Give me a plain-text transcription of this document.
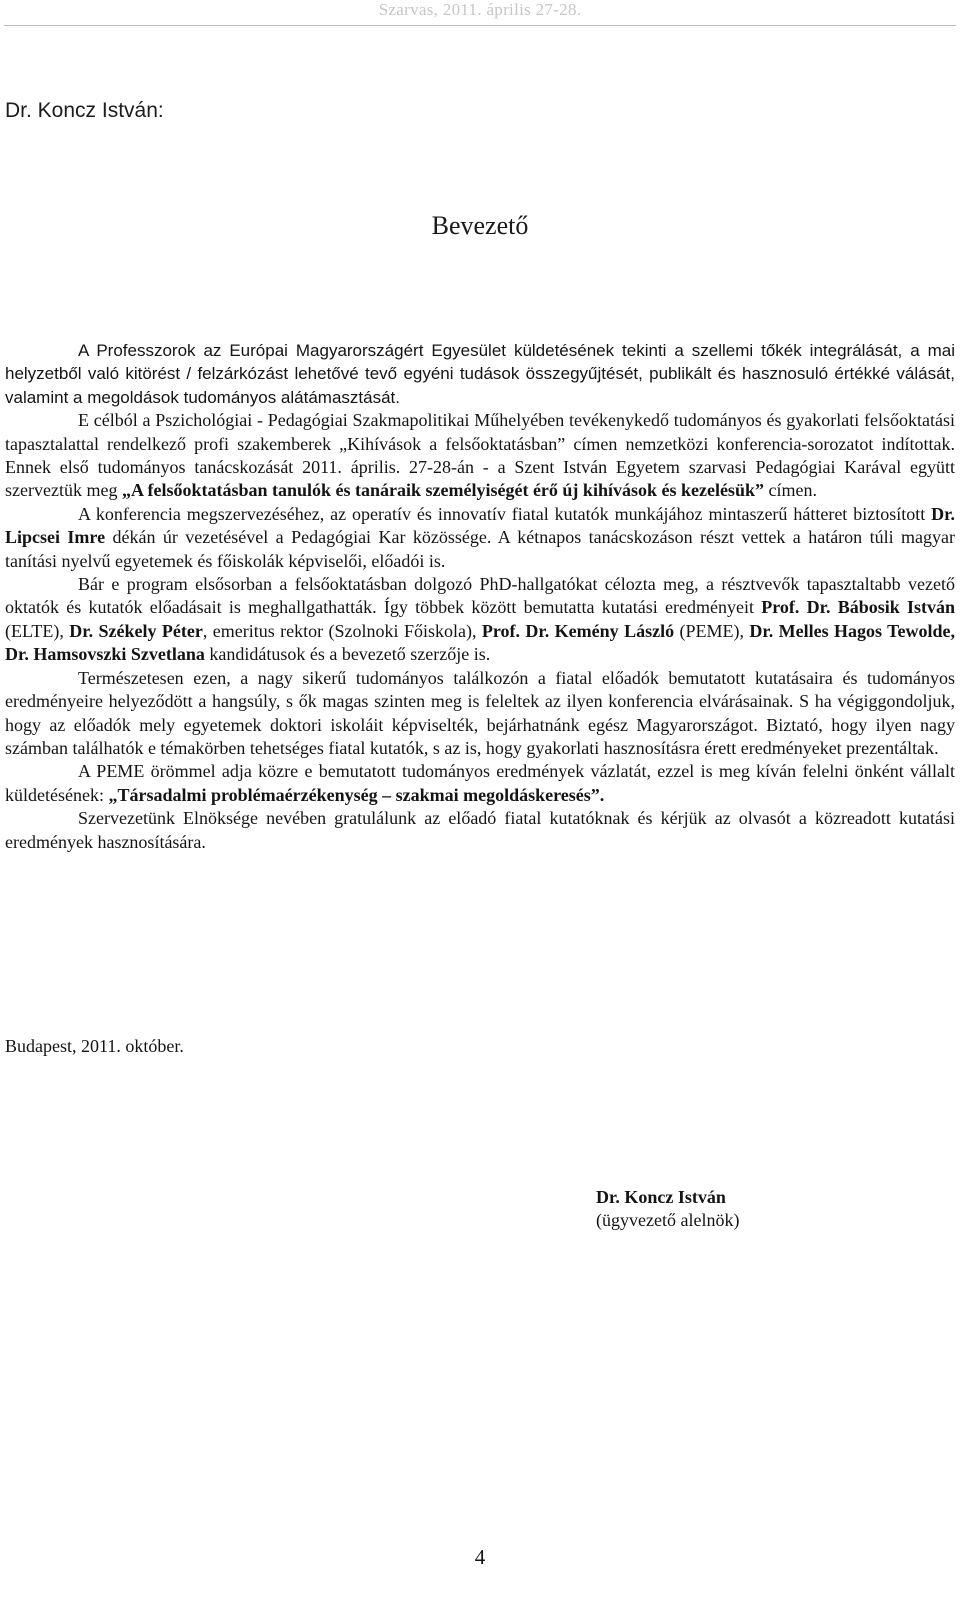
Szarvas, 2011. április 27-28.
Dr. Koncz István:
Bevezető

A Professzorok az Európai Magyarországért Egyesület küldetésének tekinti a szellemi tőkék integrálását, a mai helyzetből való kitörést / felzárkózást lehetővé tevő egyéni tudások összegyűjtését, publikált és hasznosuló értékké válását, valamint a megoldások tudományos alátámasztását.

E célból a Pszichológiai - Pedagógiai Szakmapolitikai Műhelyében tevékenykedő tudományos és gyakorlati felsőoktatási tapasztalattal rendelkező profi szakemberek „Kihívások a felsőoktatásban” címen nemzetközi konferencia-sorozatot indítottak. Ennek első tudományos tanácskozását 2011. április. 27-28-án - a Szent István Egyetem szarvasi Pedagógiai Karával együtt szerveztük meg „A felsőoktatásban tanulók és tanáraik személyiségét érő új kihívások és kezelésük” címen.

A konferencia megszervezéséhez, az operatív és innovatív fiatal kutatók munkájához mintaszerű hátteret biztosított Dr. Lipcsei Imre dékán úr vezetésével a Pedagógiai Kar közössége. A kétnapos tanácskozáson részt vettek a határon túli magyar tanítási nyelvű egyetemek és főiskolák képviselői, előadói is.

Bár e program elsősorban a felsőoktatásban dolgozó PhD-hallgatókat célozta meg, a résztvevők tapasztaltabb vezető oktatók és kutatók előadásait is meghallgathatták. Így többek között bemutatta kutatási eredményeit Prof. Dr. Bábosik István (ELTE), Dr. Székely Péter, emeritus rektor (Szolnoki Főiskola), Prof. Dr. Kemény László (PEME), Dr. Melles Hagos Tewolde, Dr. Hamsovszki Szvetlana kandidátusok és a bevezető szerzője is.

Természetesen ezen, a nagy sikerű tudományos találkozón a fiatal előadók bemutatott kutatásaira és tudományos eredményeire helyeződött a hangsúly, s ők magas szinten meg is feleltek az ilyen konferencia elvárásainak. S ha végiggondoljuk, hogy az előadók mely egyetemek doktori iskoláit képviselték, bejárhatnánk egész Magyarországot. Biztató, hogy ilyen nagy számban találhatók e témakörben tehetséges fiatal kutatók, s az is, hogy gyakorlati hasznosításra érett eredményeket prezentáltak.

A PEME örömmel adja közre e bemutatott tudományos eredmények vázlatát, ezzel is meg kíván felelni önként vállalt küldetésének: „Társadalmi problémaérzékenység – szakmai megoldáskeresés”.

Szervezetünk Elnöksége nevében gratulálunk az előadó fiatal kutatóknak és kérjük az olvasót a közreadott kutatási eredmények hasznosítására.

Budapest, 2011. október.
Dr. Koncz István
(ügyvezető alelnök)
4
